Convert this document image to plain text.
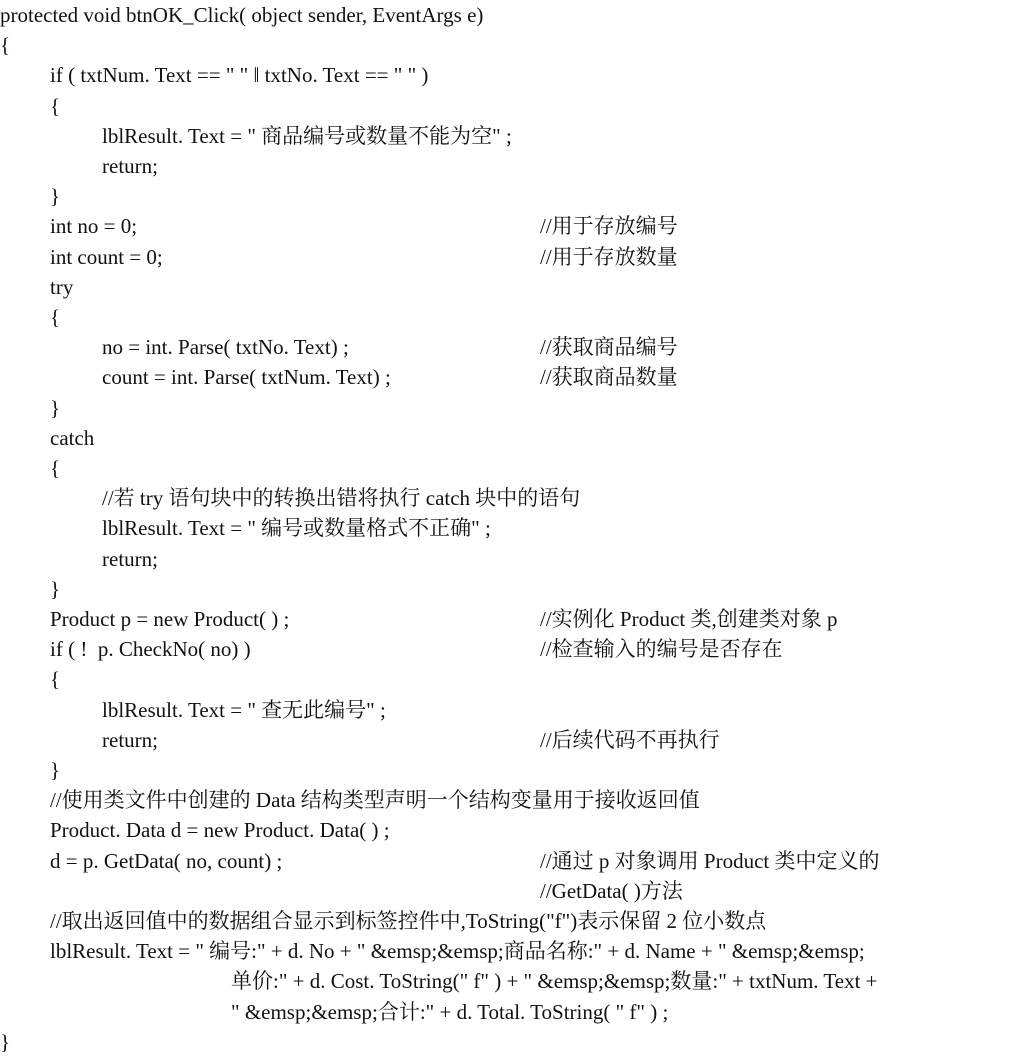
protected void btnOK_Click( object sender, EventArgs e)
{
if ( txtNum. Text == " " ‖ txtNo. Text == " " )
{
lblResult. Text = " 商品编号或数量不能为空" ;
return;
}
int no = 0;	//用于存放编号
int count = 0;	//用于存放数量
try
{
no = int. Parse( txtNo. Text) ;	//获取商品编号
count = int. Parse( txtNum. Text) ;	//获取商品数量
}
catch
{
//若 try 语句块中的转换出错将执行 catch 块中的语句
lblResult. Text = " 编号或数量格式不正确" ;
return;
}
Product p = new Product( ) ;	//实例化 Product 类,创建类对象 p
if ( !  p. CheckNo( no) )	//检查输入的编号是否存在
{
lblResult. Text = " 查无此编号" ;
return;	//后续代码不再执行
}
//使用类文件中创建的 Data 结构类型声明一个结构变量用于接收返回值
Product. Data d = new Product. Data( ) ;
d = p. GetData( no, count) ;	//通过 p 对象调用 Product 类中定义的
//GetData( )方法
//取出返回值中的数据组合显示到标签控件中,ToString("f")表示保留 2 位小数点
lblResult. Text = " 编号:" + d. No + " &emsp;&emsp;商品名称:" + d. Name + " &emsp;&emsp;
单价:" + d. Cost. ToString(" f" ) + " &emsp;&emsp;数量:" + txtNum. Text +
" &emsp;&emsp;合计:" + d. Total. ToString( " f" ) ;
}
